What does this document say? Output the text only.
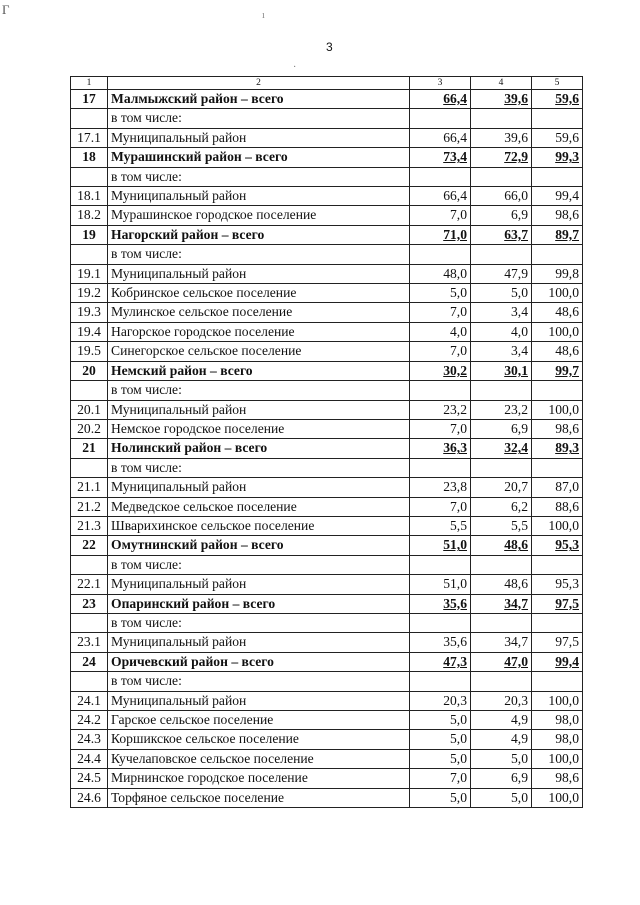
Г	ı
·
3
1	2	3	4	5
17	Малмыжский район – всего	66,4	39,6	59,6
	в том числе:			
17.1	Муниципальный район	66,4	39,6	59,6
18	Мурашинский район – всего	73,4	72,9	99,3
	в том числе:			
18.1	Муниципальный район	66,4	66,0	99,4
18.2	Мурашинское городское поселение	7,0	6,9	98,6
19	Нагорский район – всего	71,0	63,7	89,7
	в том числе:			
19.1	Муниципальный район	48,0	47,9	99,8
19.2	Кобринское сельское поселение	5,0	5,0	100,0
19.3	Мулинское сельское поселение	7,0	3,4	48,6
19.4	Нагорское городское поселение	4,0	4,0	100,0
19.5	Синегорское сельское поселение	7,0	3,4	48,6
20	Немский район – всего	30,2	30,1	99,7
	в том числе:			
20.1	Муниципальный район	23,2	23,2	100,0
20.2	Немское городское поселение	7,0	6,9	98,6
21	Нолинский район – всего	36,3	32,4	89,3
	в том числе:			
21.1	Муниципальный район	23,8	20,7	87,0
21.2	Медведское сельское поселение	7,0	6,2	88,6
21.3	Шварихинское сельское поселение	5,5	5,5	100,0
22	Омутнинский район – всего	51,0	48,6	95,3
	в том числе:			
22.1	Муниципальный район	51,0	48,6	95,3
23	Опаринский район – всего	35,6	34,7	97,5
	в том числе:			
23.1	Муниципальный район	35,6	34,7	97,5
24	Оричевский район – всего	47,3	47,0	99,4
	в том числе:			
24.1	Муниципальный район	20,3	20,3	100,0
24.2	Гарское сельское поселение	5,0	4,9	98,0
24.3	Коршикское сельское поселение	5,0	4,9	98,0
24.4	Кучелаповское сельское поселение	5,0	5,0	100,0
24.5	Мирнинское городское поселение	7,0	6,9	98,6
24.6	Торфяное сельское поселение	5,0	5,0	100,0
